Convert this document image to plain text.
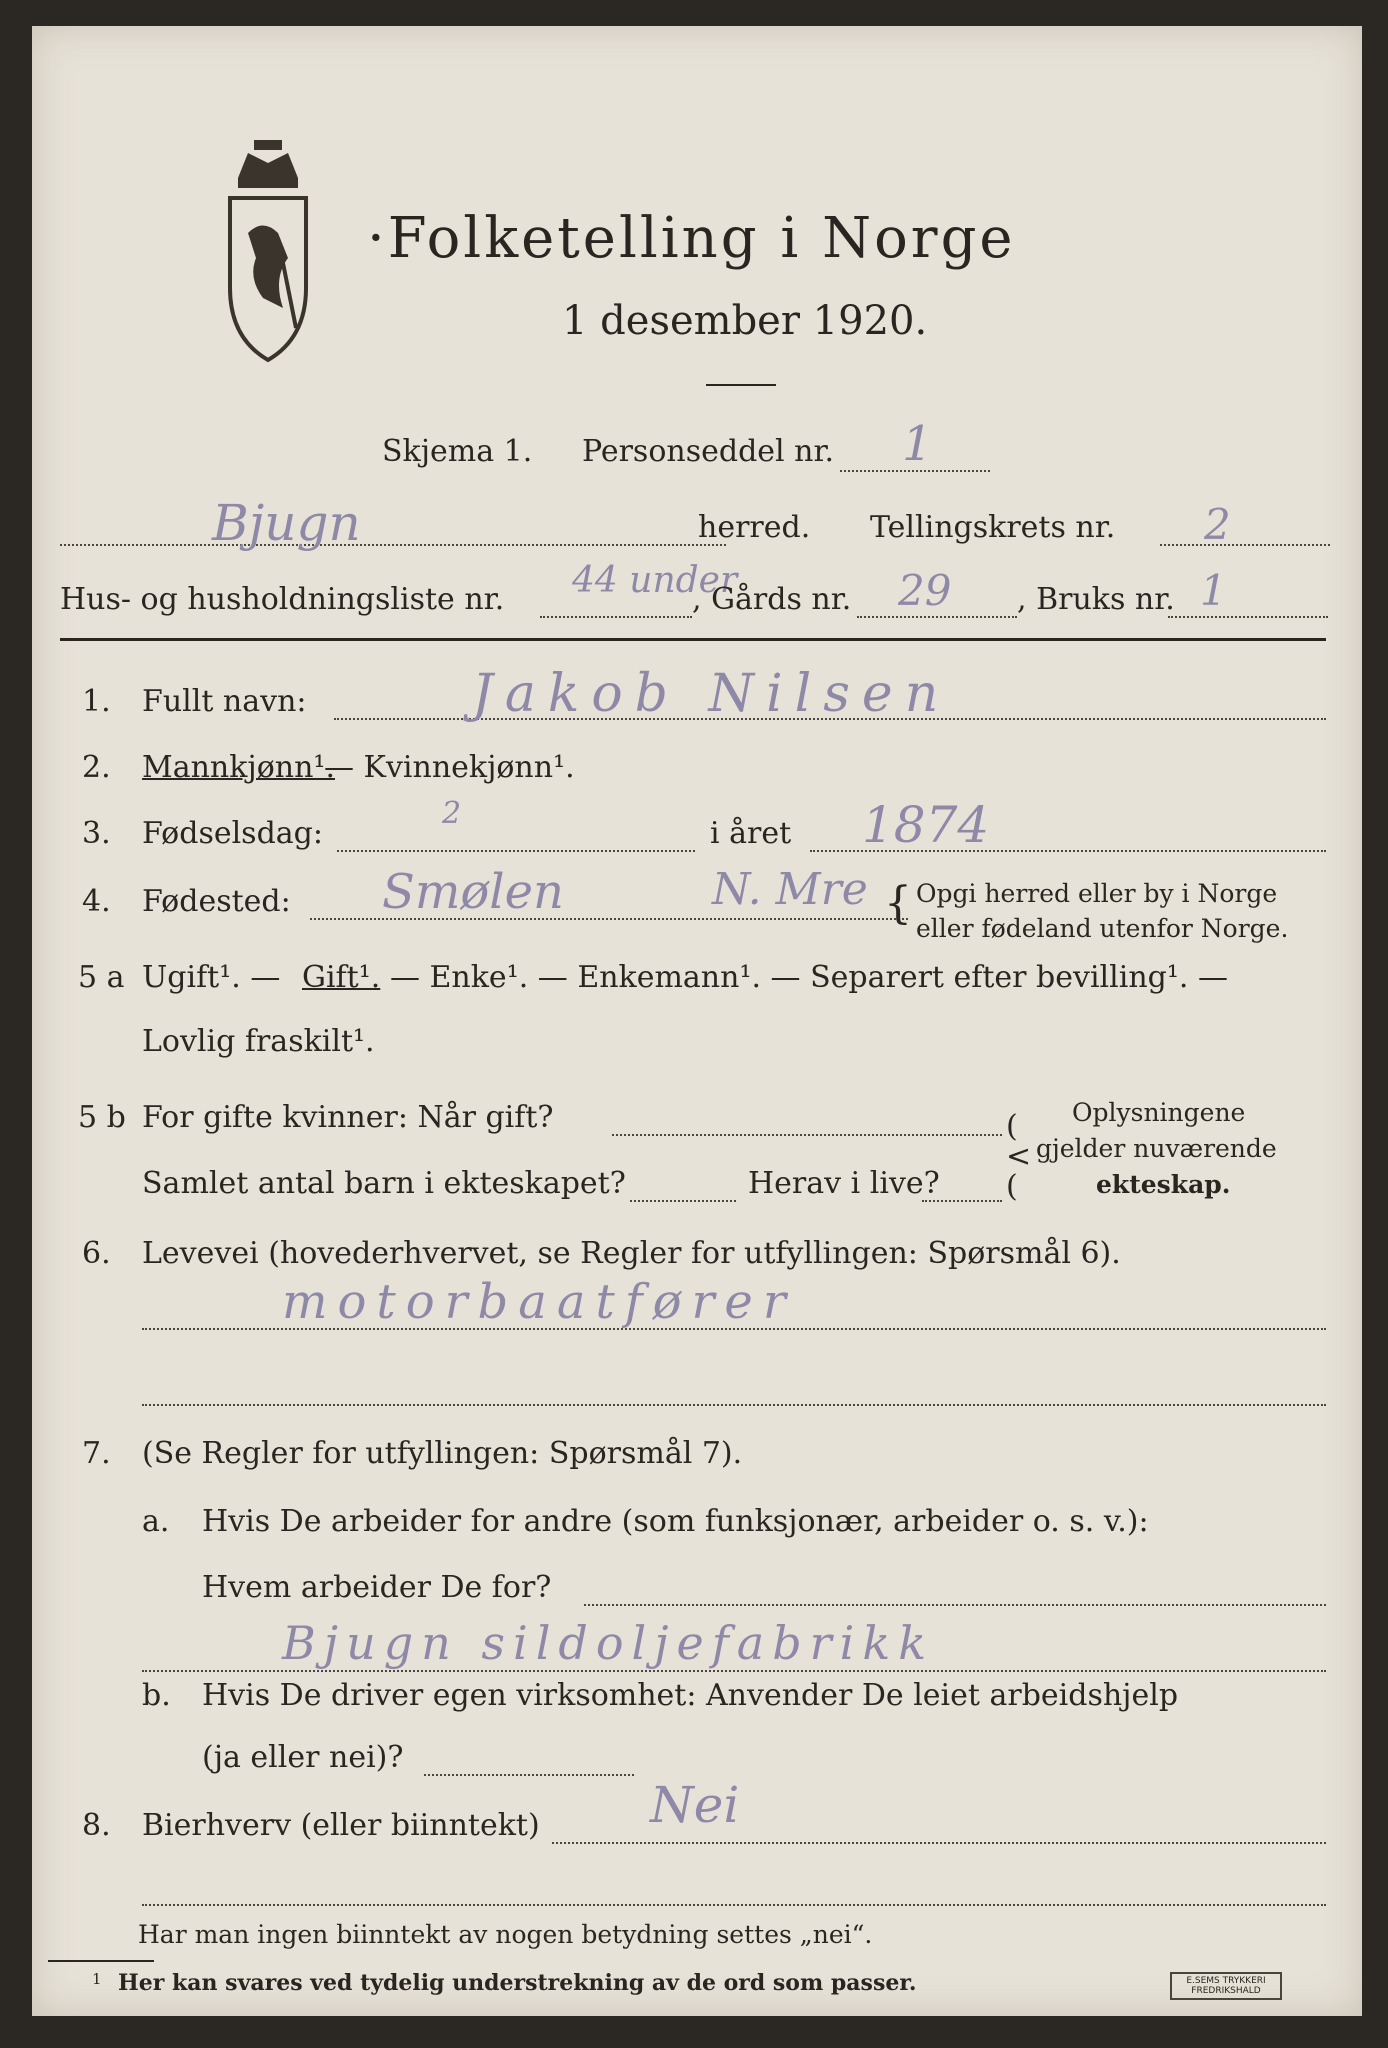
·Folketelling i Norge
1 desember 1920.
Skjema 1. Personseddel nr. 1
Bjugn	herred. Tellingskrets nr. 2
Hus- og husholdningsliste nr. 44 under
, Gårds nr. 29 , Bruks nr. 1
1. Fullt navn:	Jakob Nilsen
2. Mannkjønn¹.
— Kvinnekjønn¹.
3. Fødselsdag:
2
i året 1874
4. Fødested: Smølen	N. Mre { Opgi herred eller by i Norge
eller fødeland utenfor Norge.
5 a Ugift¹. — Gift¹. — Enke¹. — Enkemann¹. — Separert efter bevilling¹. —
Lovlig fraskilt¹.
5 b For gifte kvinner: Når gift?
Samlet antal barn i ekteskapet?	Herav i live?
(
<
(
Oplysningene
gjelder nuværende
ekteskap.
6. Levevei (hovederhvervet, se Regler for utfyllingen: Spørsmål 6).
motorbaatfører
7. (Se Regler for utfyllingen: Spørsmål 7).
a. Hvis De arbeider for andre (som funksjonær, arbeider o. s. v.):
Hvem arbeider De for?
Bjugn sildoljefabrikk
b. Hvis De driver egen virksomhet: Anvender De leiet arbeidshjelp
(ja eller nei)?
8. Bierhverv (eller biinntekt) Nei
Har man ingen biinntekt av nogen betydning settes „nei“.
1 Her kan svares ved tydelig understrekning av de ord som passer.	E.SEMS TRYKKERI
FREDRIKSHALD
